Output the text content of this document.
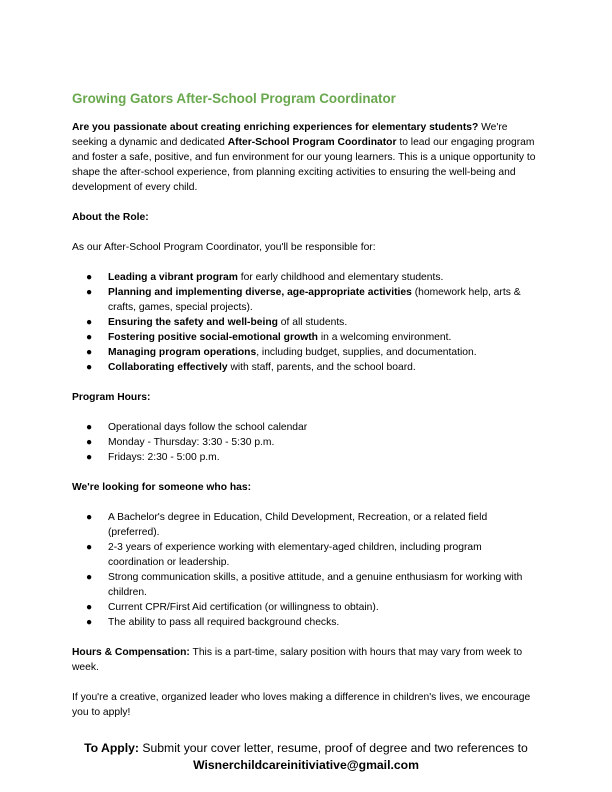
Growing Gators After-School Program Coordinator

Are you passionate about creating enriching experiences for elementary students? We're seeking a dynamic and dedicated After-School Program Coordinator to lead our engaging program and foster a safe, positive, and fun environment for our young learners. This is a unique opportunity to shape the after-school experience, from planning exciting activities to ensuring the well-being and development of every child.

About the Role:

As our After-School Program Coordinator, you'll be responsible for:

● Leading a vibrant program for early childhood and elementary students.
● Planning and implementing diverse, age-appropriate activities (homework help, arts & crafts, games, special projects).
● Ensuring the safety and well-being of all students.
● Fostering positive social-emotional growth in a welcoming environment.
● Managing program operations, including budget, supplies, and documentation.
● Collaborating effectively with staff, parents, and the school board.
Program Hours:
● Operational days follow the school calendar
● Monday - Thursday: 3:30 - 5:30 p.m.
● Fridays: 2:30 - 5:00 p.m.
We're looking for someone who has:
● A Bachelor's degree in Education, Child Development, Recreation, or a related field (preferred).
● 2-3 years of experience working with elementary-aged children, including program coordination or leadership.
● Strong communication skills, a positive attitude, and a genuine enthusiasm for working with children.
● Current CPR/First Aid certification (or willingness to obtain).
● The ability to pass all required background checks.

Hours & Compensation: This is a part-time, salary position with hours that may vary from week to week.

If you're a creative, organized leader who loves making a difference in children's lives, we encourage you to apply!

To Apply: Submit your cover letter, resume, proof of degree and two references to
Wisnerchildcareinitiviative@gmail.com
